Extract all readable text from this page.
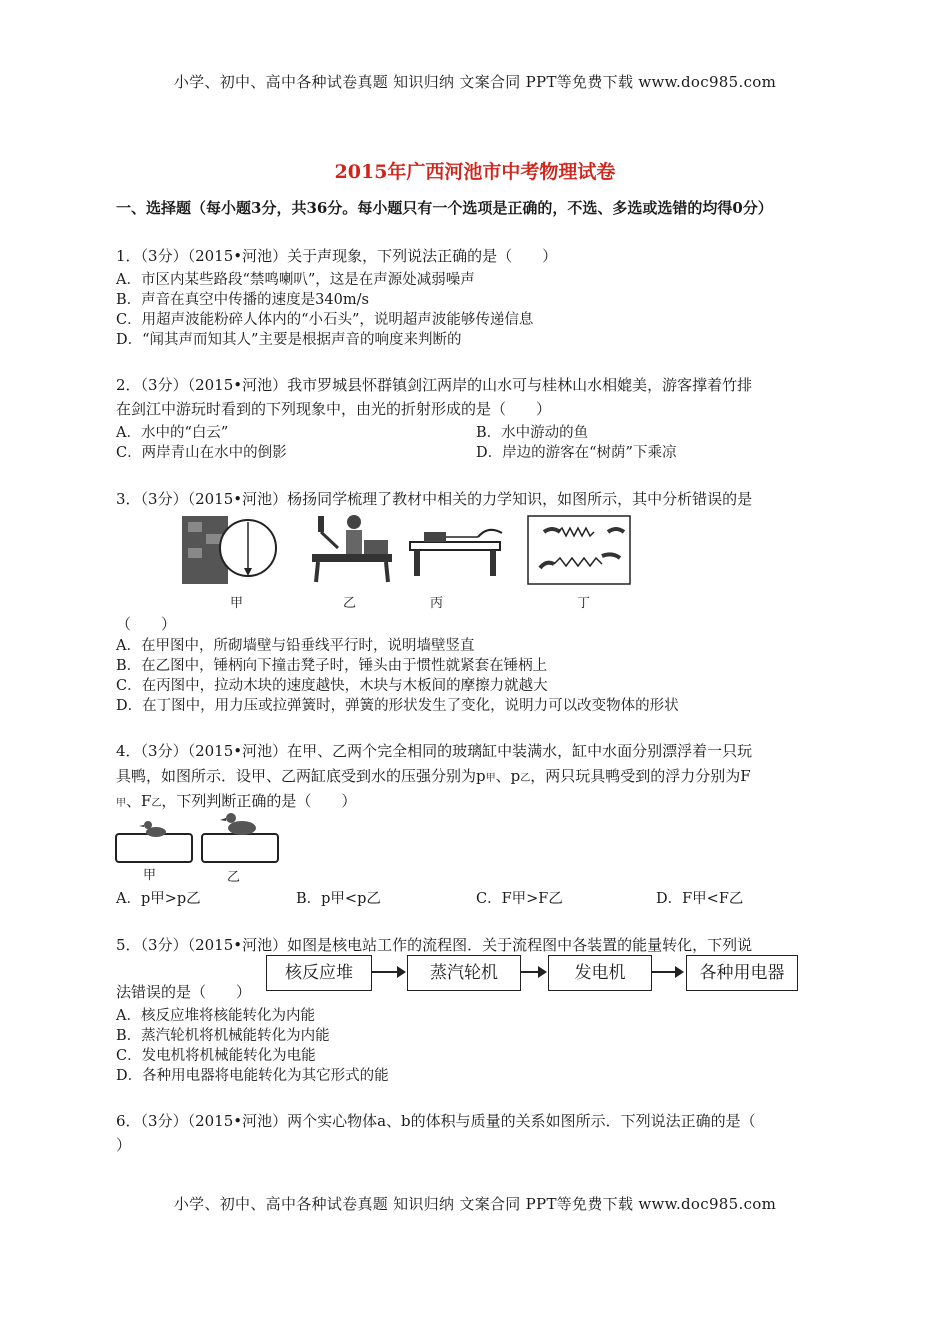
小学、初中、高中各种试卷真题 知识归纳 文案合同 PPT等免费下载 www.doc985.com
2015年广西河池市中考物理试卷
一、选择题（每小题3分，共36分。每小题只有一个选项是正确的，不选、多选或选错的均得0分）
1．（3分）（2015•河池）关于声现象，下列说法正确的是（　　）
A．市区内某些路段“禁鸣喇叭”，这是在声源处减弱噪声
B．声音在真空中传播的速度是340m/s
C．用超声波能粉碎人体内的“小石头”，说明超声波能够传递信息
D．“闻其声而知其人”主要是根据声音的响度来判断的
2．（3分）（2015•河池）我市罗城县怀群镇剑江两岸的山水可与桂林山水相媲美，游客撑着竹排
在剑江中游玩时看到的下列现象中，由光的折射形成的是（　　）
A．水中的“白云”	B．水中游动的鱼
C．两岸青山在水中的倒影	D．岸边的游客在“树荫”下乘凉
3．（3分）（2015•河池）杨扬同学梳理了教材中相关的力学知识，如图所示，其中分析错误的是
甲	乙	丙	丁
（　　）
A．在甲图中，所砌墙壁与铅垂线平行时，说明墙壁竖直
B．在乙图中，锤柄向下撞击凳子时，锤头由于惯性就紧套在锤柄上
C．在丙图中，拉动木块的速度越快，木块与木板间的摩擦力就越大
D．在丁图中，用力压或拉弹簧时，弹簧的形状发生了变化，说明力可以改变物体的形状
4．（3分）（2015•河池）在甲、乙两个完全相同的玻璃缸中装满水，缸中水面分别漂浮着一只玩
具鸭，如图所示．设甲、乙两缸底受到水的压强分别为p甲、p乙，两只玩具鸭受到的浮力分别为F
甲、F乙，下列判断正确的是（　　）
甲	乙
A．p甲>p乙	B．p甲<p乙	C．F甲>F乙	D．F甲<F乙
5．（3分）（2015•河池）如图是核电站工作的流程图．关于流程图中各装置的能量转化，下列说
核反应堆	蒸汽轮机	发电机	各种用电器
法错误的是（　　）
A．核反应堆将核能转化为内能
B．蒸汽轮机将机械能转化为内能
C．发电机将机械能转化为电能
D．各种用电器将电能转化为其它形式的能
6．（3分）（2015•河池）两个实心物体a、b的体积与质量的关系如图所示．下列说法正确的是（
）
小学、初中、高中各种试卷真题 知识归纳 文案合同 PPT等免费下载 www.doc985.com
